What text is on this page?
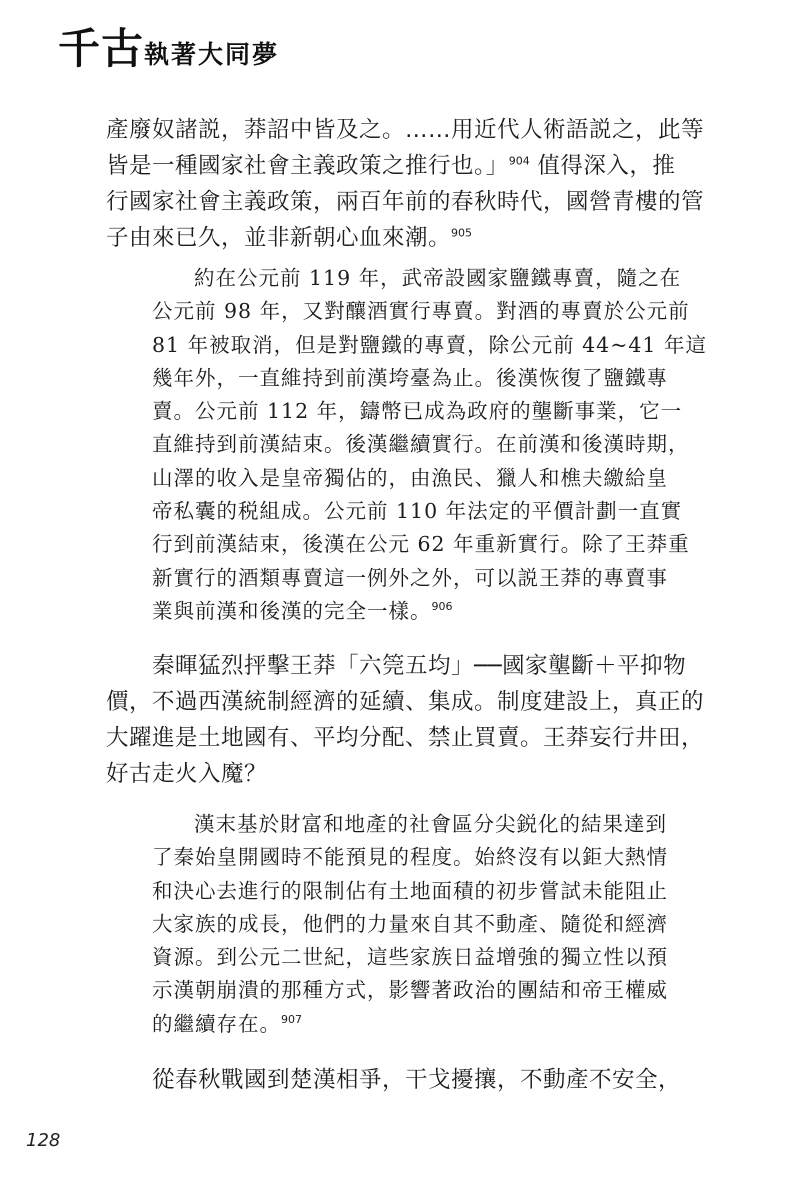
千古執著大同夢
產廢奴諸説，莽詔中皆及之。……用近代人術語説之，此等
皆是一種國家社會主義政策之推行也。」$^{904}$ 值得深入，推
行國家社會主義政策，兩百年前的春秋時代，國營青樓的管
子由來已久，並非新朝心血來潮。$^{905}$
約在公元前 119 年，武帝設國家鹽鐵專賣，隨之在
公元前 98 年，又對釀酒實行專賣。對酒的專賣於公元前
81 年被取消，但是對鹽鐵的專賣，除公元前 44~41 年這
幾年外，一直維持到前漢垮臺為止。後漢恢復了鹽鐵專
賣。公元前 112 年，鑄幣已成為政府的壟斷事業，它一
直維持到前漢結束。後漢繼續實行。在前漢和後漢時期，
山澤的收入是皇帝獨佔的，由漁民、獵人和樵夫繳給皇
帝私囊的税組成。公元前 110 年法定的平價計劃一直實
行到前漢結束，後漢在公元 62 年重新實行。除了王莽重
新實行的酒類專賣這一例外之外，可以説王莽的專賣事
業與前漢和後漢的完全一樣。$^{906}$
秦暉猛烈抨擊王莽「六筦五均」──國家壟斷＋平抑物
價，不過西漢統制經濟的延續、集成。制度建設上，真正的
大躍進是土地國有、平均分配、禁止買賣。王莽妄行井田，
好古走火入魔？
漢末基於財富和地產的社會區分尖鋭化的結果達到
了秦始皇開國時不能預見的程度。始終沒有以鉅大熱情
和決心去進行的限制佔有土地面積的初步嘗試未能阻止
大家族的成長，他們的力量來自其不動產、隨從和經濟
資源。到公元二世紀，這些家族日益增強的獨立性以預
示漢朝崩潰的那種方式，影響著政治的團結和帝王權威
的繼續存在。$^{907}$
從春秋戰國到楚漢相爭，干戈擾攘，不動產不安全，
128
